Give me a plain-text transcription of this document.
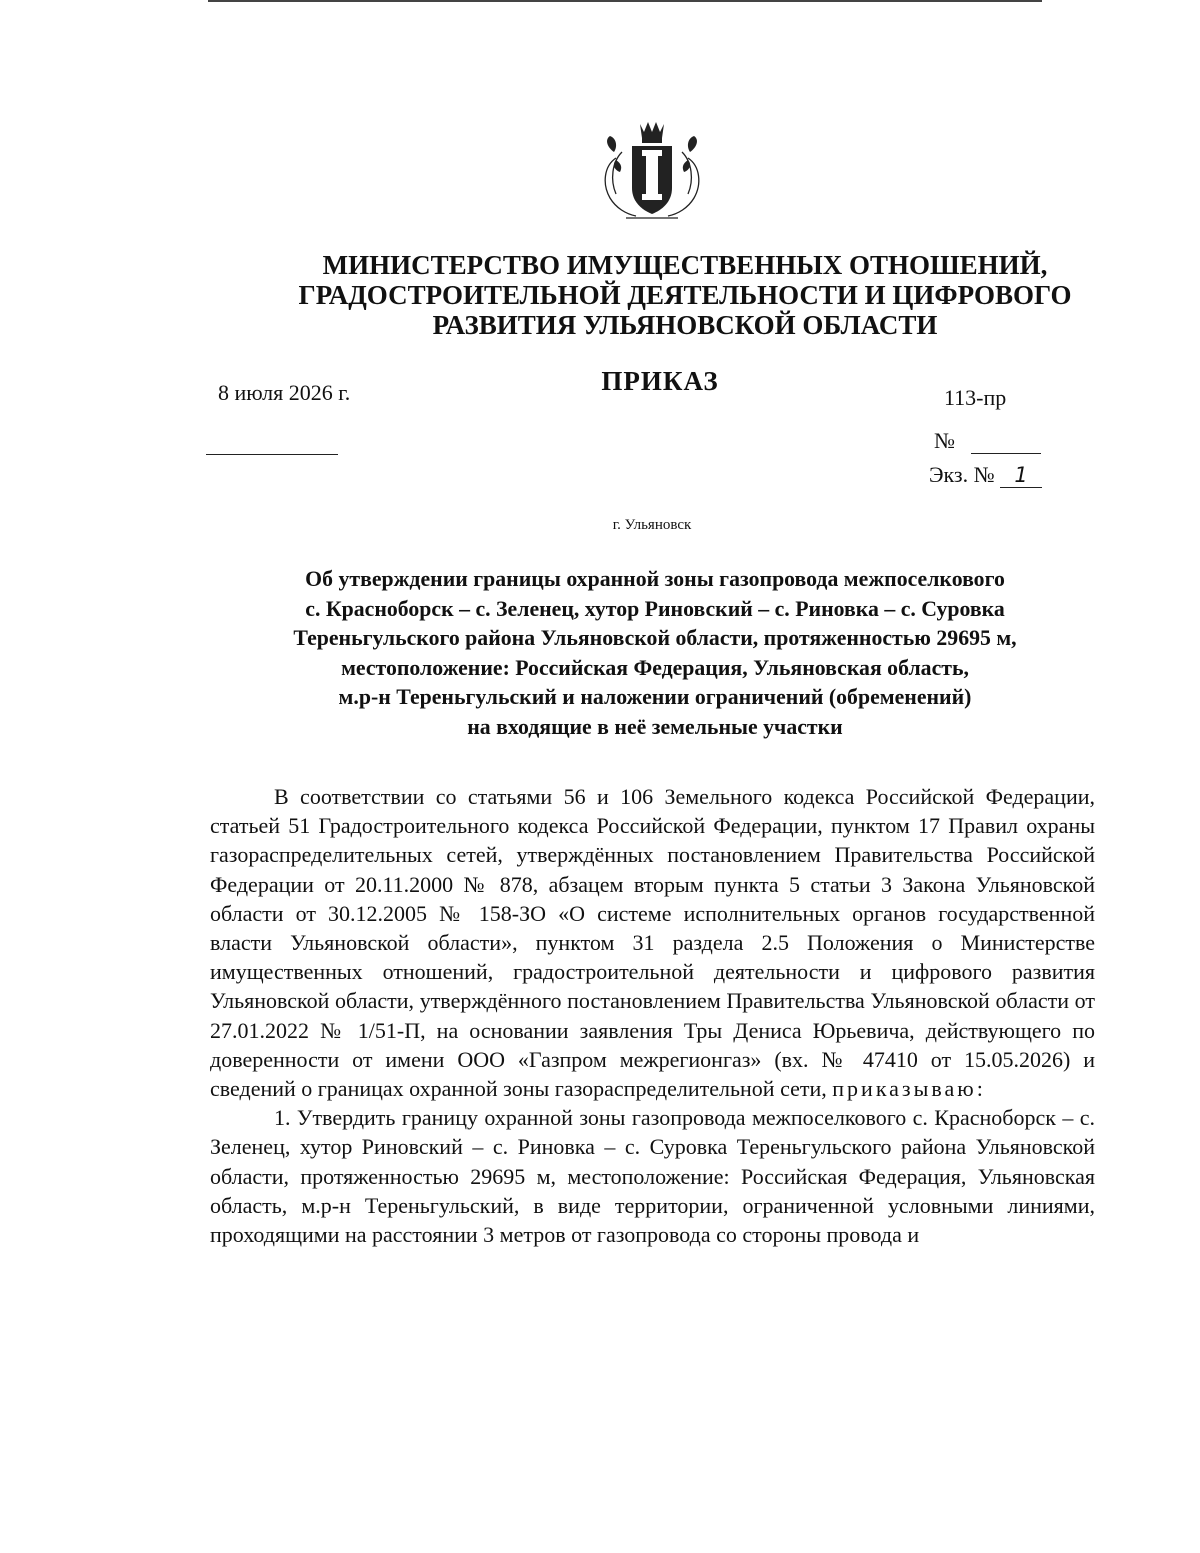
МИНИСТЕРСТВО ИМУЩЕСТВЕННЫХ ОТНОШЕНИЙ,
ГРАДОСТРОИТЕЛЬНОЙ ДЕЯТЕЛЬНОСТИ И ЦИФРОВОГО
РАЗВИТИЯ УЛЬЯНОВСКОЙ ОБЛАСТИ
ПРИКАЗ
8 июля 2026 г.	113-пр
№
Экз. № 1
г. Ульяновск
Об утверждении границы охранной зоны газопровода межпоселкового
с. Красноборск – с. Зеленец, хутор Риновский – с. Риновка – с. Суровка
Тереньгульского района Ульяновской области, протяженностью 29695 м,
местоположение: Российская Федерация, Ульяновская область,
м.р-н Тереньгульский и наложении ограничений (обременений)
на входящие в неё земельные участки

В соответствии со статьями 56 и 106 Земельного кодекса Российской Федерации, статьей 51 Градостроительного кодекса Российской Федерации, пунктом 17 Правил охраны газораспределительных сетей, утверждённых постановлением Правительства Российской Федерации от 20.11.2000 № 878, абзацем вторым пункта 5 статьи 3 Закона Ульяновской области от 30.12.2005 № 158-ЗО «О системе исполнительных органов государственной власти Ульяновской области», пунктом 31 раздела 2.5 Положения о Министерстве имущественных отношений, градостроительной деятельности и цифрового развития Ульяновской области, утверждённого постановлением Правительства Ульяновской области от 27.01.2022 № 1/51-П, на основании заявления Тры Дениса Юрьевича, действующего по доверенности от имени ООО «Газпром межрегионгаз» (вх. № 47410 от 15.05.2026) и сведений о границах охранной зоны газораспределительной сети, приказываю:

1. Утвердить границу охранной зоны газопровода межпоселкового с. Красноборск – с. Зеленец, хутор Риновский – с. Риновка – с. Суровка Тереньгульского района Ульяновской области, протяженностью 29695 м, местоположение: Российская Федерация, Ульяновская область, м.р-н Тереньгульский, в виде территории, ограниченной условными линиями, проходящими на расстоянии 3 метров от газопровода со стороны провода и
